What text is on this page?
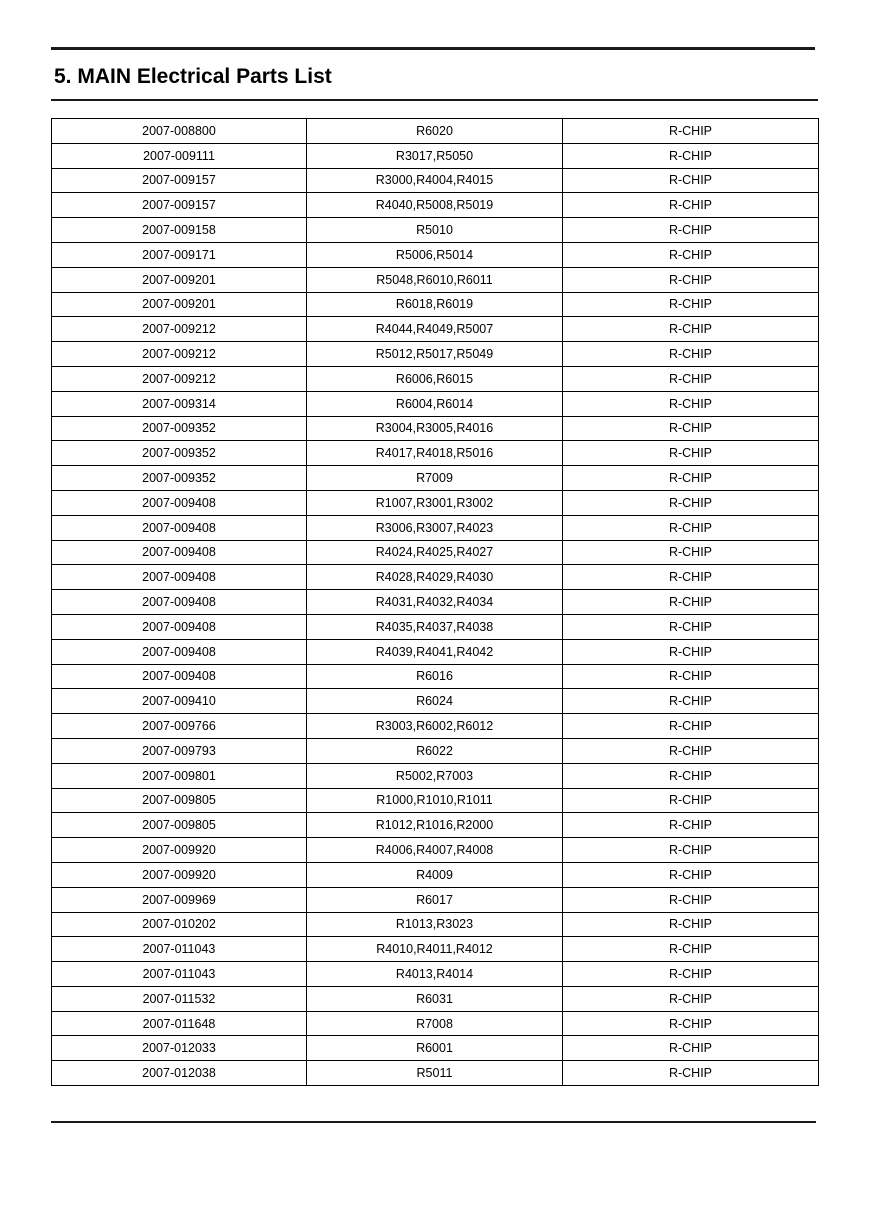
5. MAIN Electrical Parts List
2007-008800	R6020	R-CHIP
2007-009111	R3017,R5050	R-CHIP
2007-009157	R3000,R4004,R4015	R-CHIP
2007-009157	R4040,R5008,R5019	R-CHIP
2007-009158	R5010	R-CHIP
2007-009171	R5006,R5014	R-CHIP
2007-009201	R5048,R6010,R6011	R-CHIP
2007-009201	R6018,R6019	R-CHIP
2007-009212	R4044,R4049,R5007	R-CHIP
2007-009212	R5012,R5017,R5049	R-CHIP
2007-009212	R6006,R6015	R-CHIP
2007-009314	R6004,R6014	R-CHIP
2007-009352	R3004,R3005,R4016	R-CHIP
2007-009352	R4017,R4018,R5016	R-CHIP
2007-009352	R7009	R-CHIP
2007-009408	R1007,R3001,R3002	R-CHIP
2007-009408	R3006,R3007,R4023	R-CHIP
2007-009408	R4024,R4025,R4027	R-CHIP
2007-009408	R4028,R4029,R4030	R-CHIP
2007-009408	R4031,R4032,R4034	R-CHIP
2007-009408	R4035,R4037,R4038	R-CHIP
2007-009408	R4039,R4041,R4042	R-CHIP
2007-009408	R6016	R-CHIP
2007-009410	R6024	R-CHIP
2007-009766	R3003,R6002,R6012	R-CHIP
2007-009793	R6022	R-CHIP
2007-009801	R5002,R7003	R-CHIP
2007-009805	R1000,R1010,R1011	R-CHIP
2007-009805	R1012,R1016,R2000	R-CHIP
2007-009920	R4006,R4007,R4008	R-CHIP
2007-009920	R4009	R-CHIP
2007-009969	R6017	R-CHIP
2007-010202	R1013,R3023	R-CHIP
2007-011043	R4010,R4011,R4012	R-CHIP
2007-011043	R4013,R4014	R-CHIP
2007-011532	R6031	R-CHIP
2007-011648	R7008	R-CHIP
2007-012033	R6001	R-CHIP
2007-012038	R5011	R-CHIP
